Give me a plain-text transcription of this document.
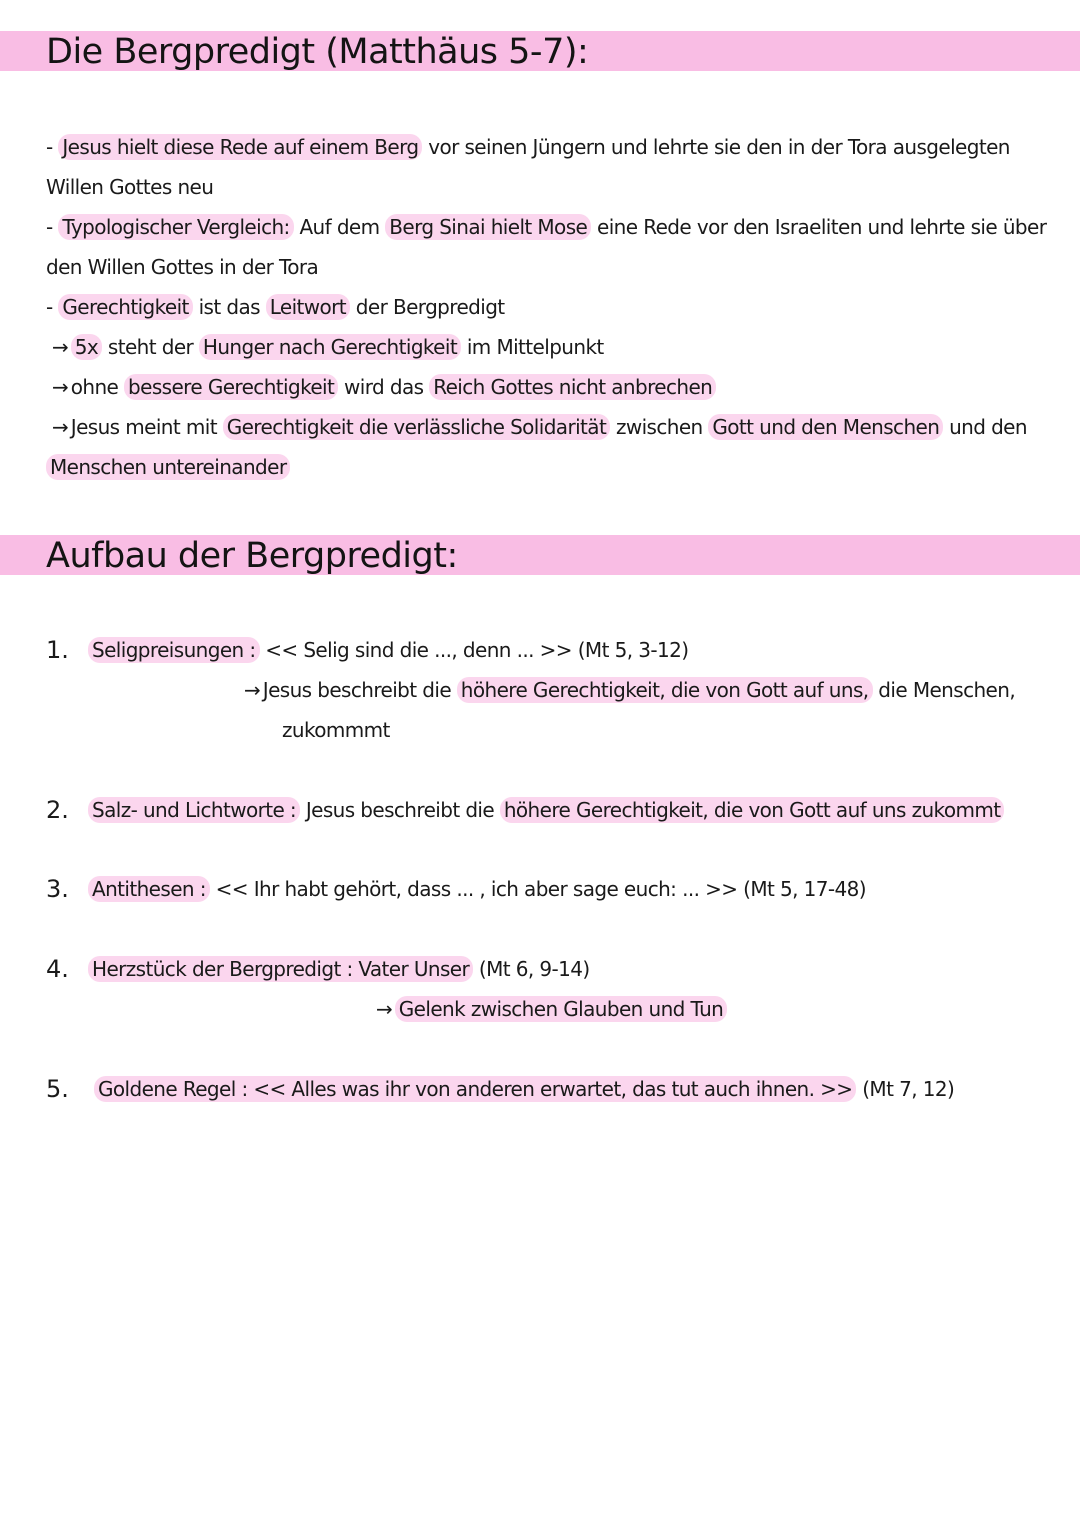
Die Bergpredigt (Matthäus 5-7):

- Jesus hielt diese Rede auf einem Berg vor seinen Jüngern und lehrte sie den in der Tora ausgelegten

Willen Gottes neu

- Typologischer Vergleich: Auf dem Berg Sinai hielt Mose eine Rede vor den Israeliten und lehrte sie über

den Willen Gottes in der Tora

- Gerechtigkeit ist das Leitwort der Bergpredigt

→ 5x steht der Hunger nach Gerechtigkeit im Mittelpunkt

→ ohne bessere Gerechtigkeit wird das Reich Gottes nicht anbrechen

→ Jesus meint mit Gerechtigkeit die verlässliche Solidarität zwischen Gott und den Menschen und den

Menschen untereinander

Aufbau der Bergpredigt:

1. Seligpreisungen : << Selig sind die ..., denn ... >> (Mt 5, 3-12)

→ Jesus beschreibt die höhere Gerechtigkeit, die von Gott auf uns, die Menschen,

zukommmt

2. Salz- und Lichtworte : Jesus beschreibt die höhere Gerechtigkeit, die von Gott auf uns zukommt

3. Antithesen : << Ihr habt gehört, dass ... , ich aber sage euch: ... >> (Mt 5, 17-48)

4. Herzstück der Bergpredigt : Vater Unser (Mt 6, 9-14)

→ Gelenk zwischen Glauben und Tun

5. Goldene Regel : << Alles was ihr von anderen erwartet, das tut auch ihnen. >> (Mt 7, 12)
